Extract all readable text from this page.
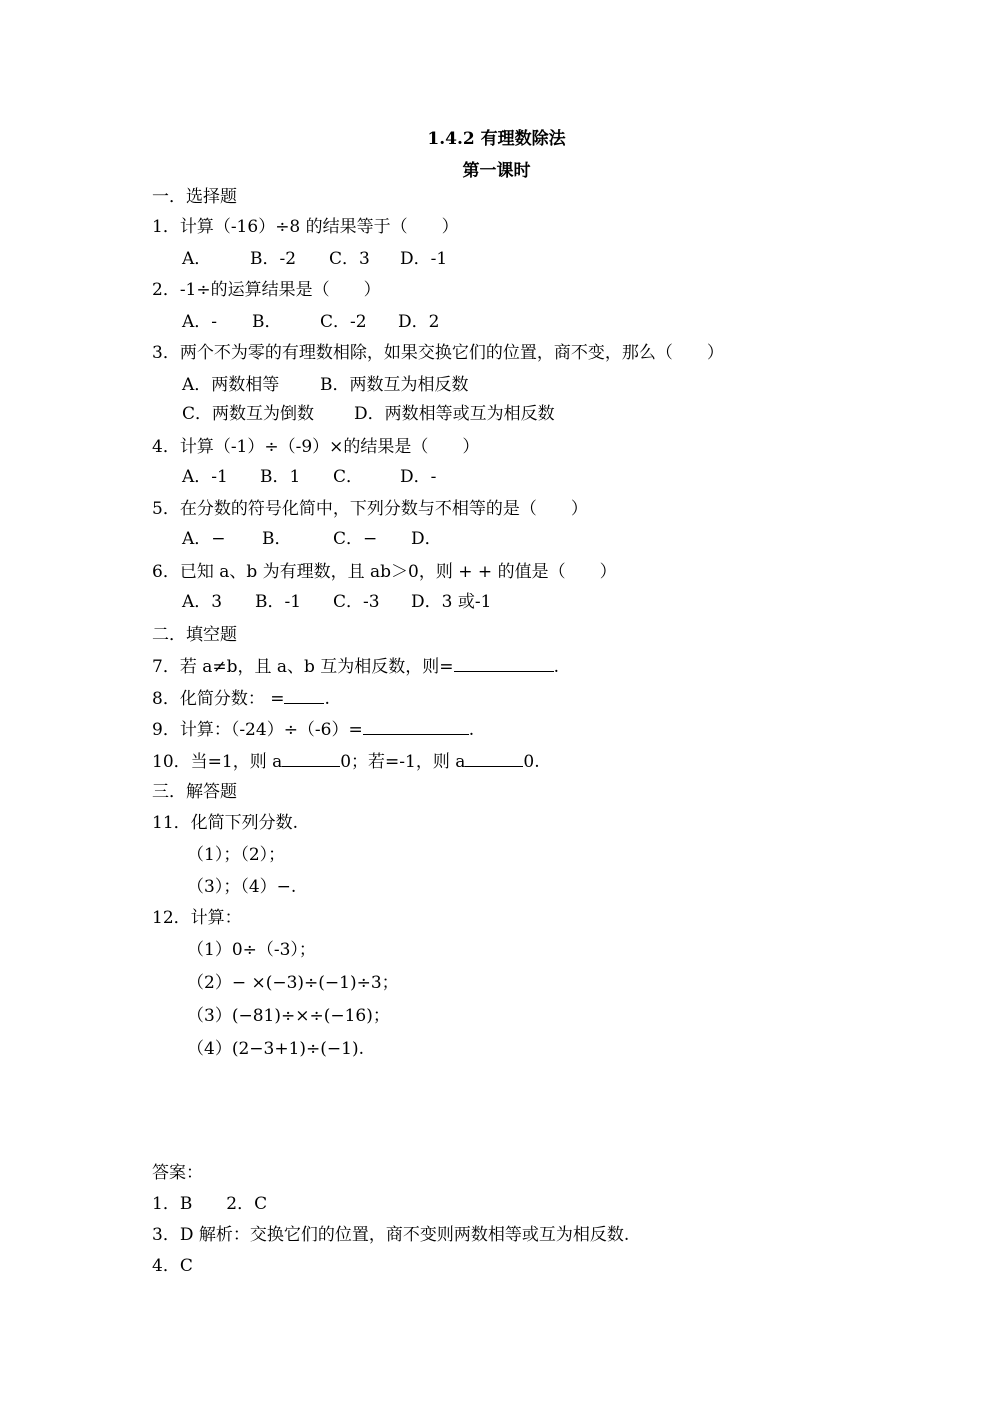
1.4.2 有理数除法
第一课时
一．选择题
1．计算（-16）÷8 的结果等于（　　）
A． B．-2 C．3 D．-1
2．-1÷的运算结果是（　　）
A．- B． C．-2 D．2
3．两个不为零的有理数相除，如果交换它们的位置，商不变，那么（　　）
A．两数相等 B．两数互为相反数
C．两数互为倒数 D．两数相等或互为相反数
4．计算（-1）÷（-9）×的结果是（　　）
A．-1 B．1 C． D．-
5．在分数的符号化简中，下列分数与不相等的是（　　）
A．− B． C．− D．
6．已知 a、b 为有理数，且 ab＞0，则 + + 的值是（　　）
A．3 B．-1 C．-3 D．3 或-1
二．填空题
7．若 a≠b，且 a、b 互为相反数，则=	.
8．化简分数： = .
9．计算：（-24）÷（-6）=	.
10．当=1，则 a	0；若=-1，则 a	0.
三．解答题
11．化简下列分数.
（1）；（2）；
（3）；（4）−.
12．计算：
（1）0÷（-3）；
（2）− ×(−3)÷(−1)÷3；
（3）(−81)÷×÷(−16)；
（4）(2−3+1)÷(−1).
答案：
1．B　　2．C
3．D 解析：交换它们的位置，商不变则两数相等或互为相反数.
4．C
